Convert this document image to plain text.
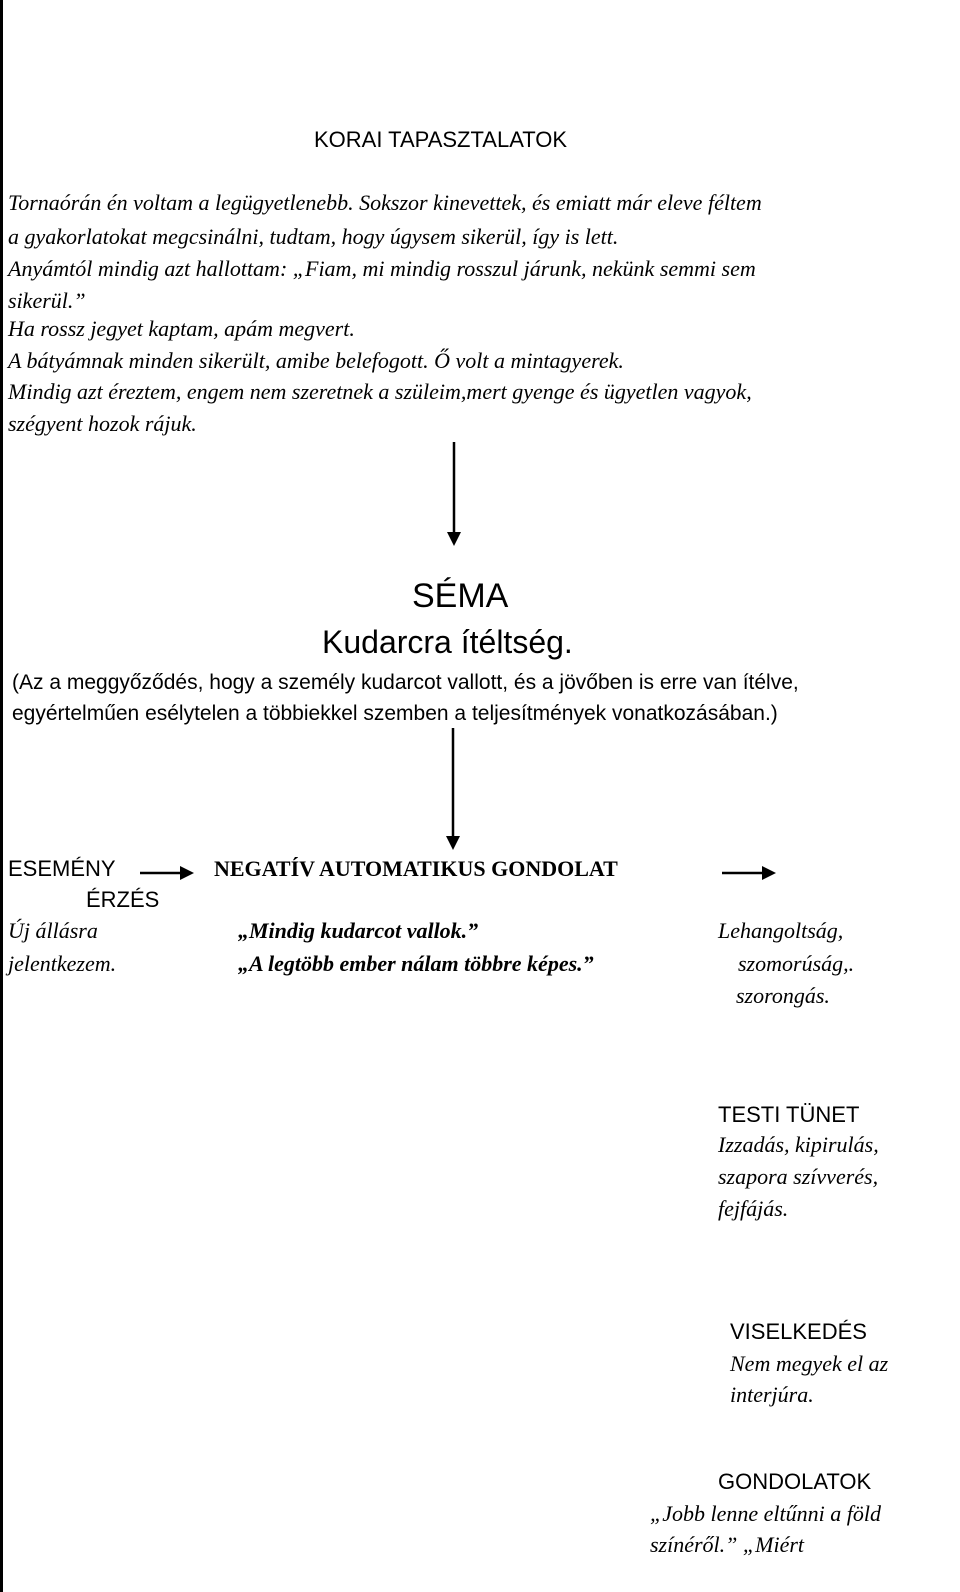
KORAI TAPASZTALATOK
Tornaórán én voltam a legügyetlenebb. Sokszor kinevettek, és emiatt már eleve féltem
a gyakorlatokat megcsinálni, tudtam, hogy úgysem sikerül, így is lett.
Anyámtól mindig azt hallottam: „Fiam, mi mindig rosszul járunk, nekünk semmi sem
sikerül.”
Ha rossz jegyet kaptam, apám megvert.
A bátyámnak minden sikerült, amibe belefogott. Ő volt a mintagyerek.
Mindig azt éreztem, engem nem szeretnek a szüleim,mert gyenge és ügyetlen vagyok,
szégyent hozok rájuk.
SÉMA
Kudarcra ítéltség.
(Az a meggyőződés, hogy a személy kudarcot vallott, és a jövőben is erre van ítélve,
egyértelműen esélytelen a többiekkel szemben a teljesítmények vonatkozásában.)
ESEMÉNY	NEGATÍV AUTOMATIKUS GONDOLAT
ÉRZÉS
Új állásra
jelentkezem.
„Mindig kudarcot vallok.”
„A legtöbb ember nálam többre képes.”
Lehangoltság,
szomorúság,.
szorongás.
TESTI TÜNET
Izzadás, kipirulás,
szapora szívverés,
fejfájás.
VISELKEDÉS
Nem megyek el az
interjúra.
GONDOLATOK
„Jobb lenne eltűnni a föld
színéről.” „Miért
